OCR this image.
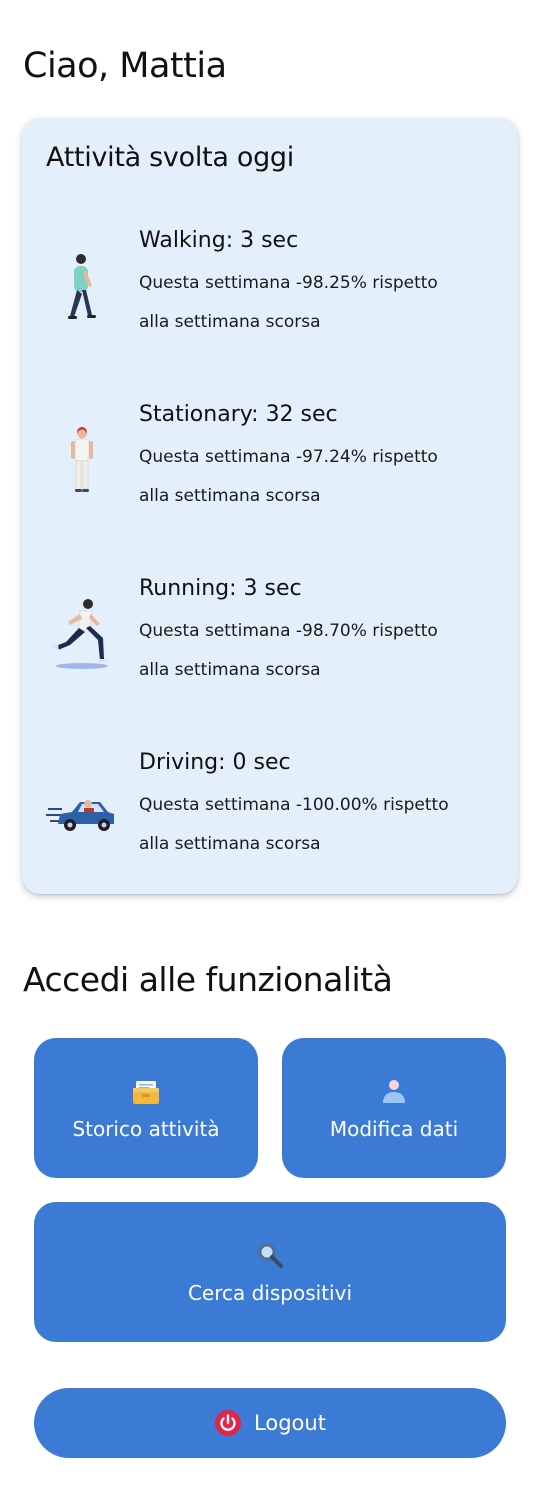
Ciao, Mattia
Attività svolta oggi
Walking: 3 sec
Questa settimana -98.25% rispetto
alla settimana scorsa
Stationary: 32 sec
Questa settimana -97.24% rispetto
alla settimana scorsa
Running: 3 sec
Questa settimana -98.70% rispetto
alla settimana scorsa
Driving: 0 sec
Questa settimana -100.00% rispetto
alla settimana scorsa
Accedi alle funzionalità
Storico attività	Modifica dati
Cerca dispositivi
Logout
